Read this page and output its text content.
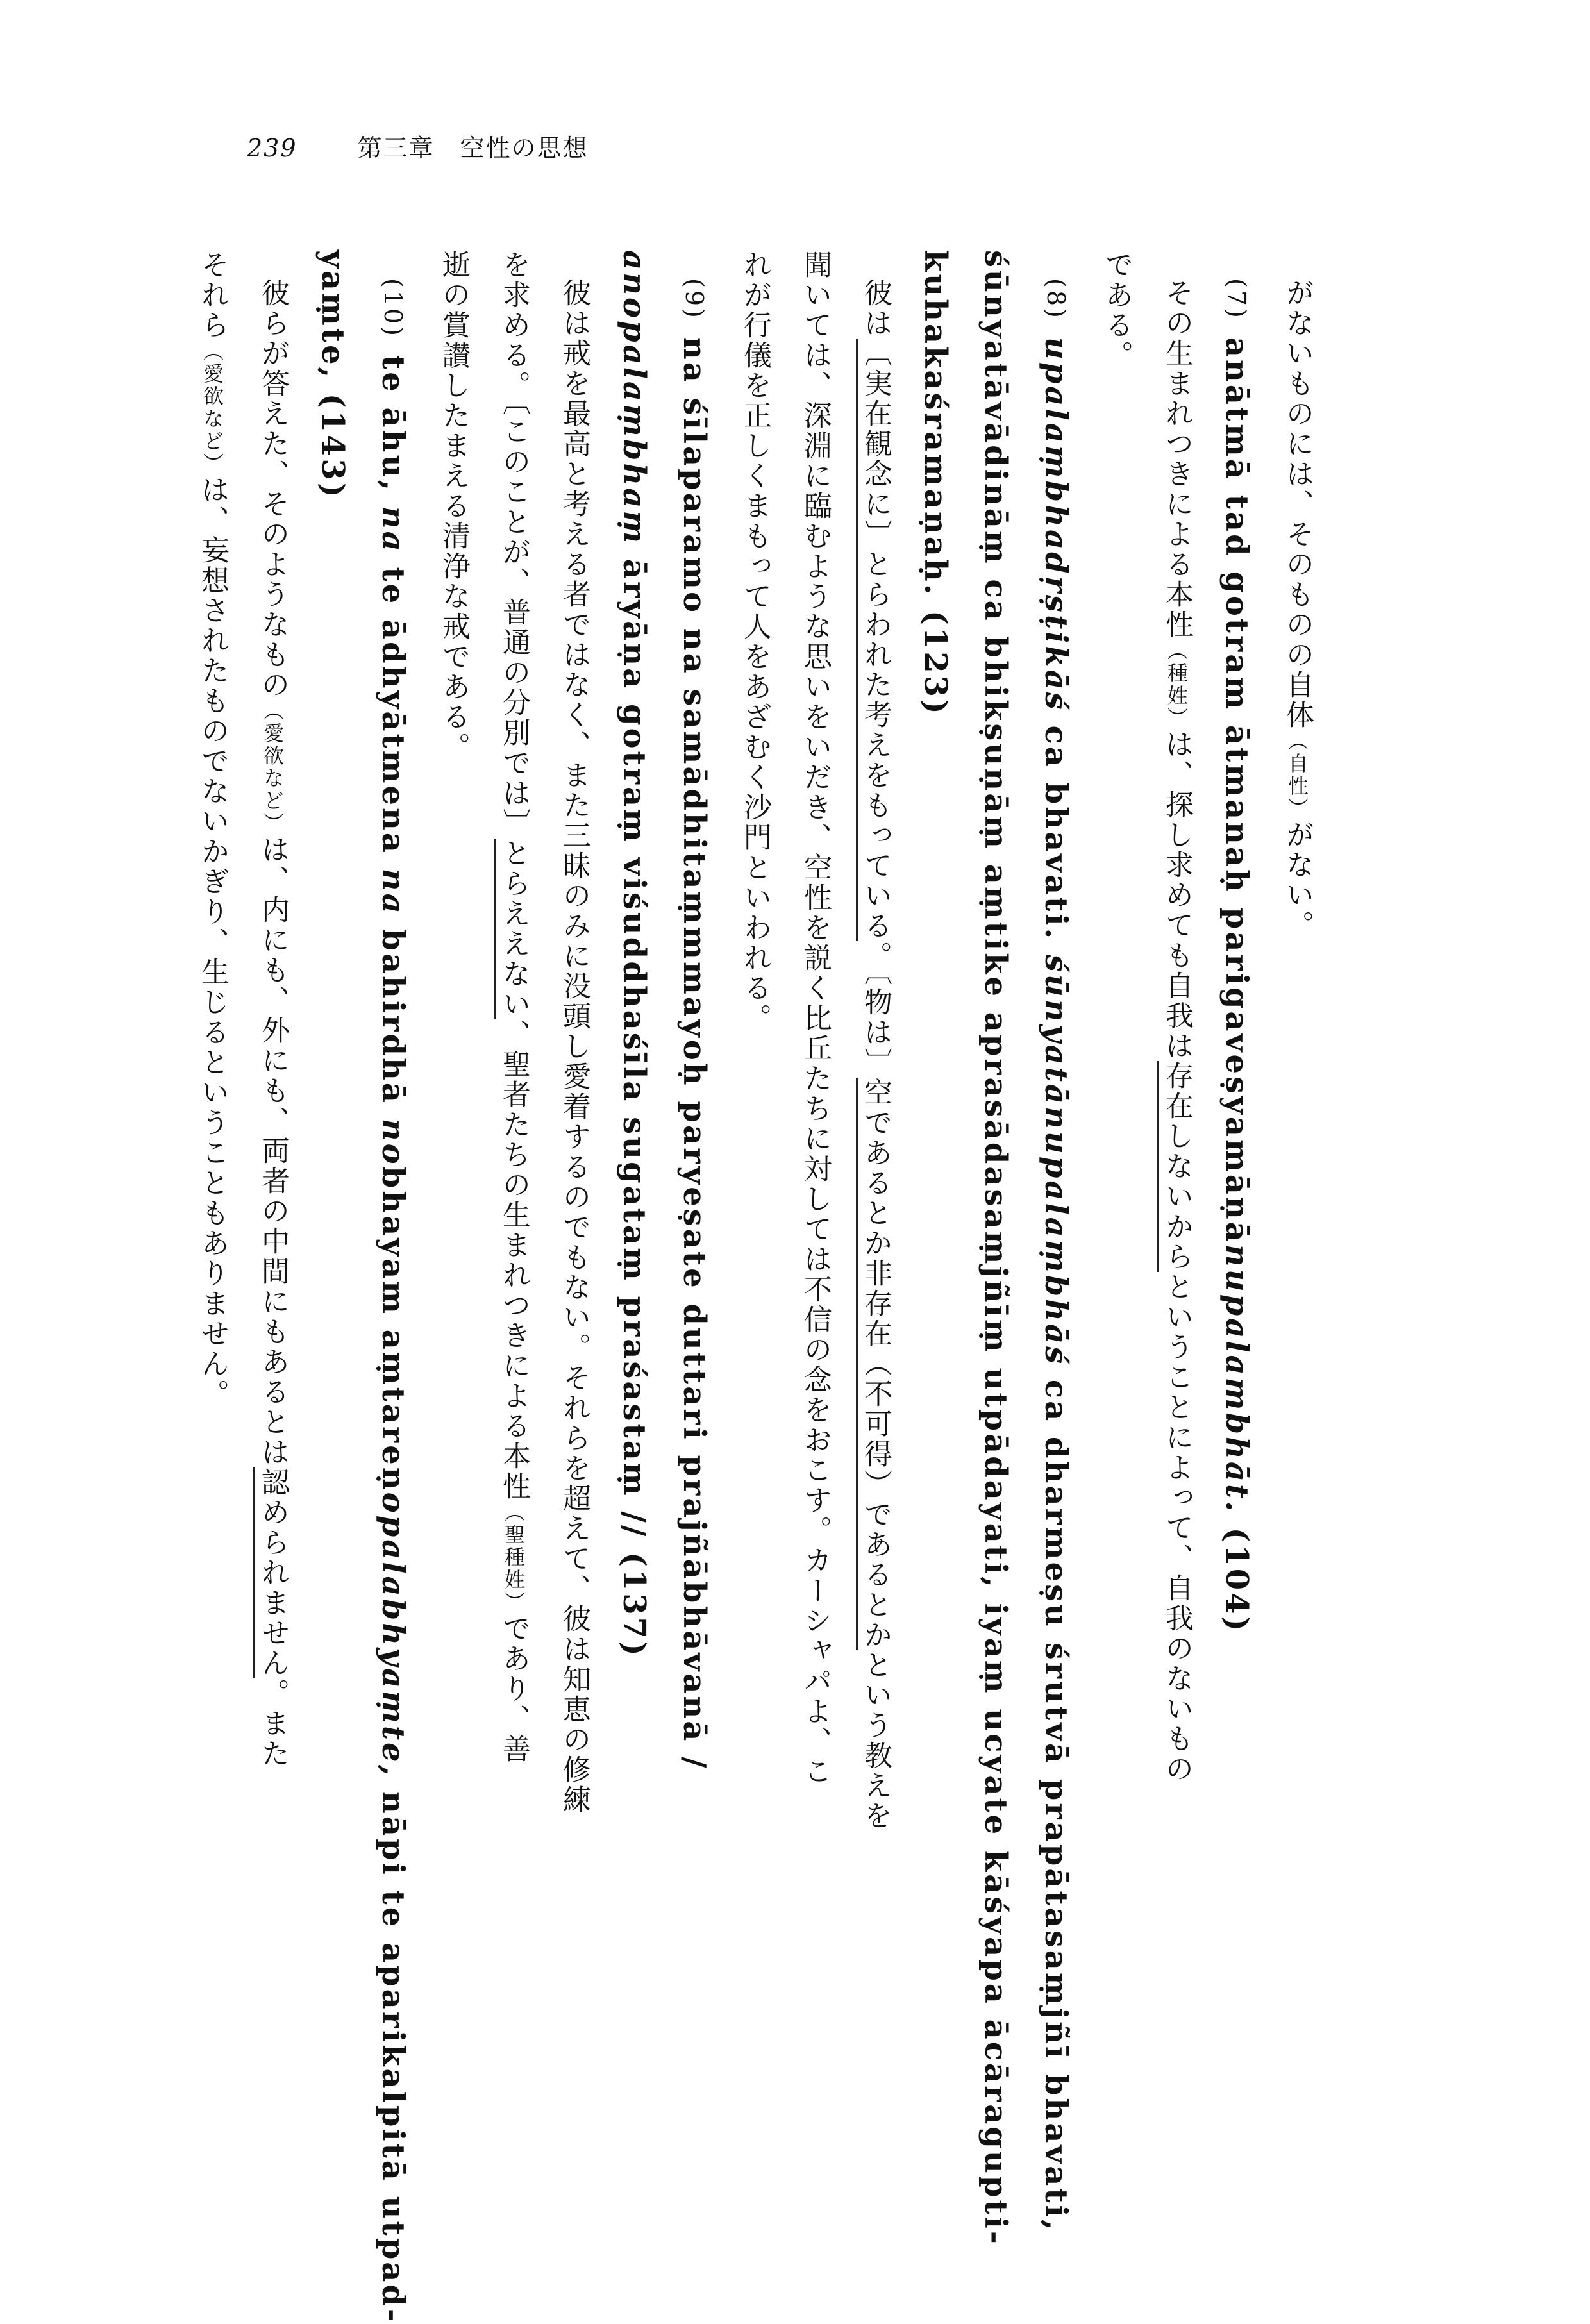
239 第三章　空性の思想
がないものには、そのものの自体（自性）がない。
(7)anātmā tad gotram ātmanaḥ parigaveṣyamāṇānupalambhāt. (104)
その生まれつきによる本性（種姓）は、探し求めても自我は存在しないからということによって、自我のないもの
である。
(8)upalaṃbhadṛṣṭikāś ca bhavati. śūnyatānupalaṃbhāś ca dharmeṣu śrutvā prapātasaṃjñī bhavati,
śūnyatāvādināṃ ca bhikṣuṇāṃ aṃtike aprasādasaṃjñīṃ utpādayati, iyaṃ ucyate kāśyapa ācāragupti-
kuhakaśramaṇaḥ. (123)
彼は〔実在観念に〕とらわれた考えをもっている。〔物は〕空であるとか非存在（不可得）であるとかという教えを
聞いては、深淵に臨むような思いをいだき、空性を説く比丘たちに対しては不信の念をおこす。カーシャパよ、こ
れが行儀を正しくまもって人をあざむく沙門といわれる。
(9)na śīlaparamo na samādhitaṃmmayoḥ paryeṣate duttari prajñābhāvanā /
anopalaṃbhaṃ āryāṇa gotraṃ viśuddhaśīla sugataṃ praśastaṃ // (137)
彼は戒を最高と考える者ではなく、また三昧のみに没頭し愛着するのでもない。それらを超えて、彼は知恵の修練
を求める。〔このことが、普通の分別では〕とらええない、聖者たちの生まれつきによる本性（聖種姓）であり、善
逝の賞讃したまえる清浄な戒である。
(10)te āhu, na te ādhyātmena na bahirdhā nobhayam aṃtareṇopalabhyaṃte, nāpi te aparikalpitā utpad-
yaṃte, (143)
彼らが答えた、そのようなもの（愛欲など）は、内にも、外にも、両者の中間にもあるとは認められません。また
それら（愛欲など）は、妄想されたものでないかぎり、生じるということもありません。
